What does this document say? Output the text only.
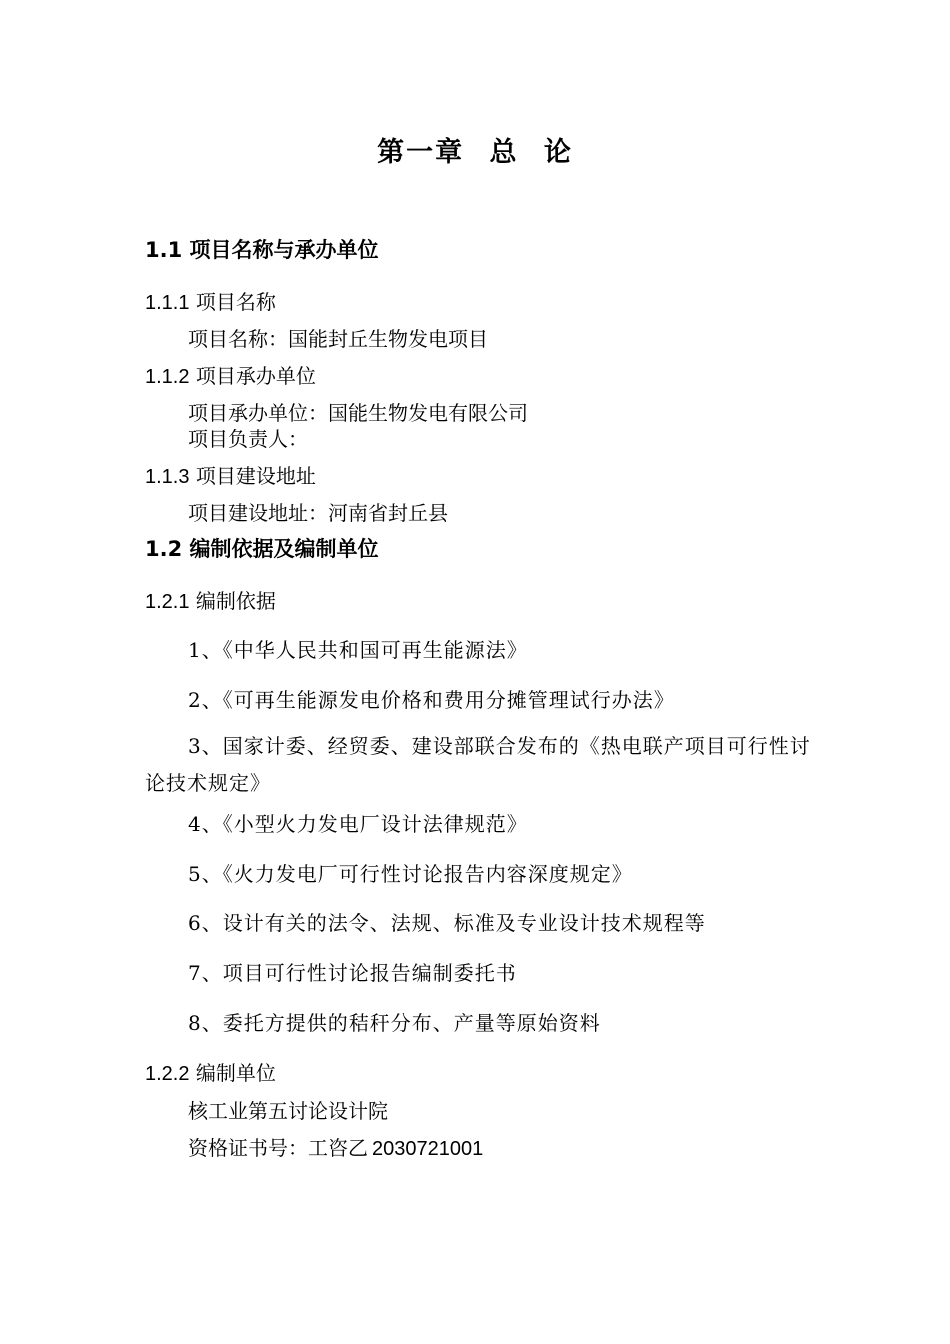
第一章 总 论
1.1 项目名称与承办单位
1.1.1 项目名称
项目名称：国能封丘生物发电项目
1.1.2 项目承办单位
项目承办单位：国能生物发电有限公司
项目负责人：
1.1.3 项目建设地址
项目建设地址：河南省封丘县
1.2 编制依据及编制单位
1.2.1 编制依据
1、《中华人民共和国可再生能源法》
2、《可再生能源发电价格和费用分摊管理试行办法》
3、国家计委、经贸委、建设部联合发布的《热电联产项目可行性讨论技术规定》
4、《小型火力发电厂设计法律规范》
5、《火力发电厂可行性讨论报告内容深度规定》
6、设计有关的法令、法规、标准及专业设计技术规程等
7、项目可行性讨论报告编制委托书
8、委托方提供的秸秆分布、产量等原始资料
1.2.2 编制单位
核工业第五讨论设计院
资格证书号：工咨乙 2030721001
